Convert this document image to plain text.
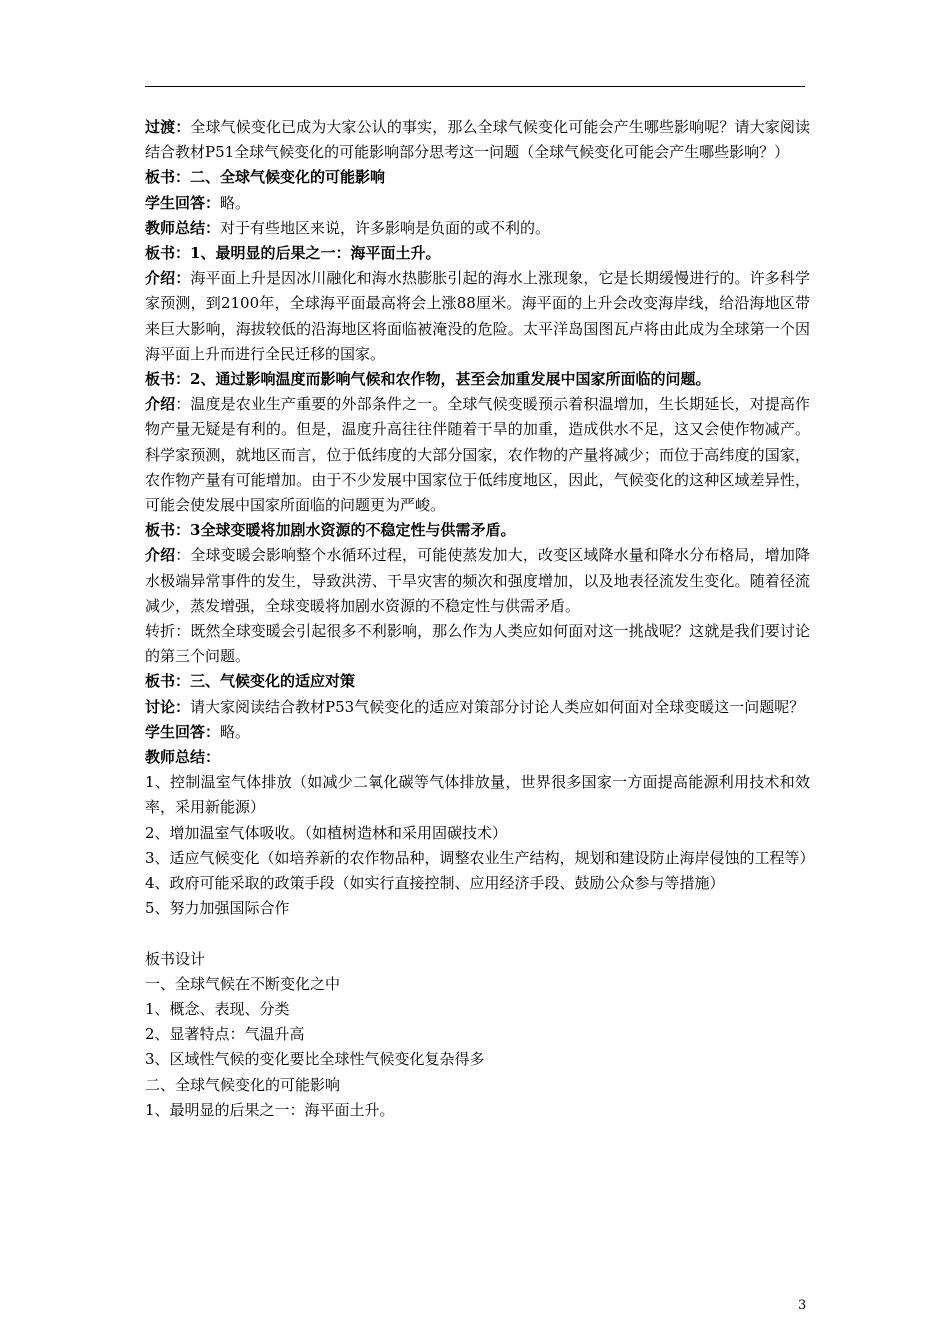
过渡：全球气候变化已成为大家公认的事实，那么全球气候变化可能会产生哪些影响呢？请大家阅读结合教材P51全球气候变化的可能影响部分思考这一问题（全球气候变化可能会产生哪些影响？）

板书：二、全球气候变化的可能影响

学生回答：略。

教师总结：对于有些地区来说，许多影响是负面的或不利的。

板书：1、最明显的后果之一：海平面土升。

介绍：海平面上升是因冰川融化和海水热膨胀引起的海水上涨现象，它是长期缓慢进行的。许多科学家预测，到2100年，全球海平面最高将会上涨88厘米。海平面的上升会改变海岸线，给沿海地区带来巨大影响，海拔较低的沿海地区将面临被淹没的危险。太平洋岛国图瓦卢将由此成为全球第一个因海平面上升而进行全民迁移的国家。

板书：2、通过影响温度而影响气候和农作物，甚至会加重发展中国家所面临的问题。

介绍：温度是农业生产重要的外部条件之一。全球气候变暖预示着积温增加，生长期延长，对提高作物产量无疑是有利的。但是，温度升高往往伴随着干旱的加重，造成供水不足，这又会使作物减产。科学家预测，就地区而言，位于低纬度的大部分国家，农作物的产量将减少；而位于高纬度的国家，农作物产量有可能增加。由于不少发展中国家位于低纬度地区，因此，气候变化的这种区域差异性，可能会使发展中国家所面临的问题更为严峻。

板书：3全球变暖将加剧水资源的不稳定性与供需矛盾。

介绍：全球变暖会影响整个水循环过程，可能使蒸发加大，改变区域降水量和降水分布格局，增加降水极端异常事件的发生，导致洪涝、干旱灾害的频次和强度增加，以及地表径流发生变化。随着径流减少，蒸发增强，全球变暖将加剧水资源的不稳定性与供需矛盾。

转折：既然全球变暖会引起很多不利影响，那么作为人类应如何面对这一挑战呢？这就是我们要讨论的第三个问题。

板书：三、气候变化的适应对策

讨论：请大家阅读结合教材P53气候变化的适应对策部分讨论人类应如何面对全球变暖这一问题呢？

学生回答：略。

教师总结：

1、控制温室气体排放（如减少二氧化碳等气体排放量，世界很多国家一方面提高能源利用技术和效率，采用新能源）

2、增加温室气体吸收。（如植树造林和采用固碳技术）

3、适应气候变化（如培养新的农作物品种，调整农业生产结构，规划和建设防止海岸侵蚀的工程等）

4、政府可能采取的政策手段（如实行直接控制、应用经济手段、鼓励公众参与等措施）

5、努力加强国际合作

板书设计

一、全球气候在不断变化之中

1、概念、表现、分类

2、显著特点：气温升高

3、区域性气候的变化要比全球性气候变化复杂得多

二、全球气候变化的可能影响

1、最明显的后果之一：海平面土升。

3
